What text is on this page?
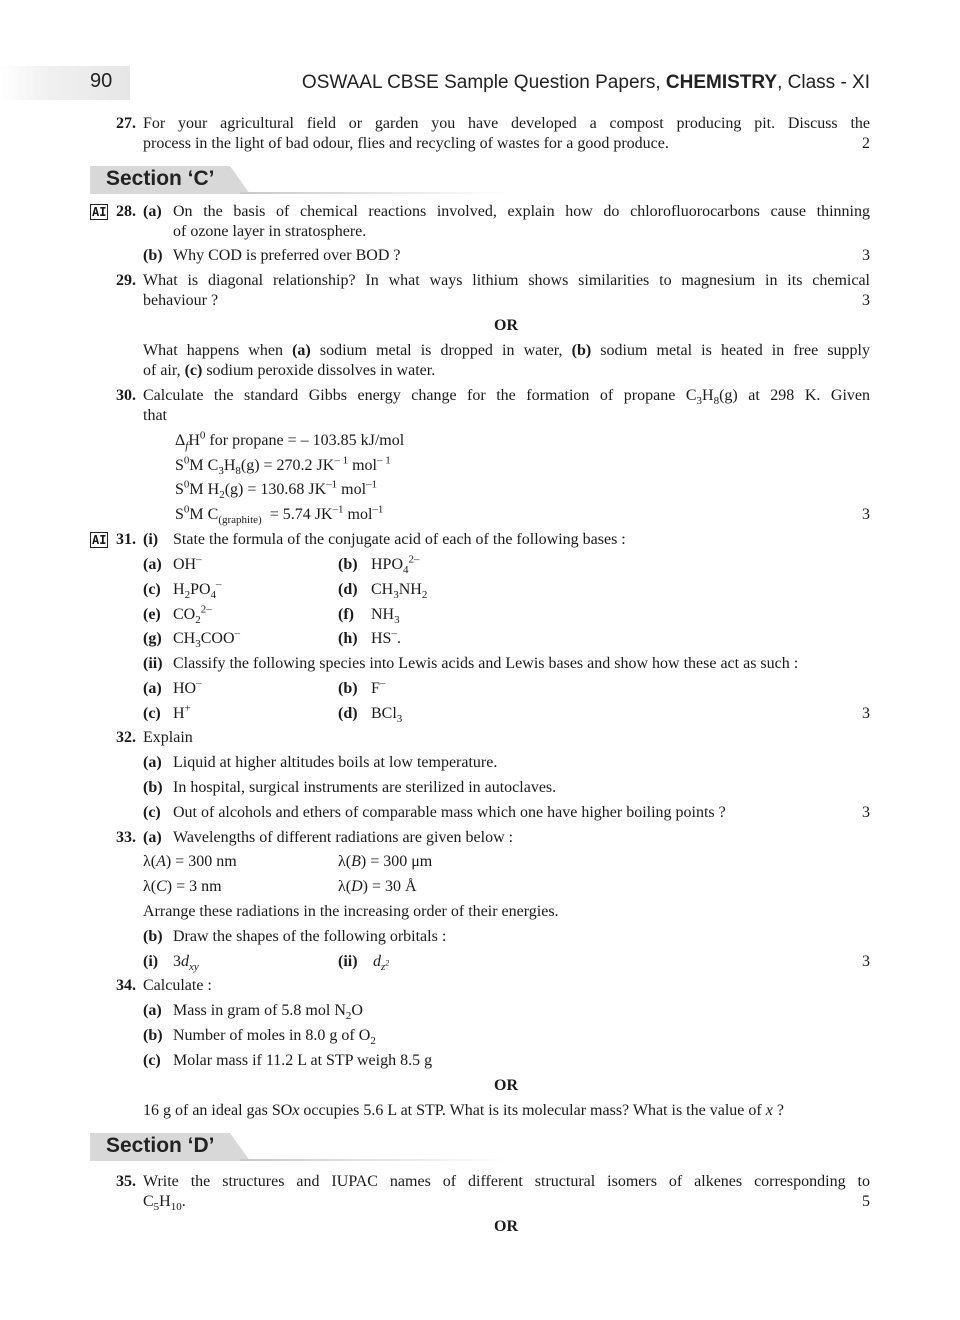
90	OSWAAL CBSE Sample Question Papers, CHEMISTRY, Class - XI
27. For your agricultural field or garden you have developed a compost producing pit. Discuss the
process in the light of bad odour, flies and recycling of wastes for a good produce.	2
Section ‘C’
AI 28. (a) On the basis of chemical reactions involved, explain how do chlorofluorocarbons cause thinning
of ozone layer in stratosphere.
(b) Why COD is preferred over BOD ?	3
29. What is diagonal relationship? In what ways lithium shows similarities to magnesium in its chemical
behaviour ?	3
OR
What happens when (a) sodium metal is dropped in water, (b) sodium metal is heated in free supply
of air, (c) sodium peroxide dissolves in water.
30. Calculate the standard Gibbs energy change for the formation of propane $C_3H_8(g)$ at 298 K. Given
that
$\Delta_fH^0$ for propane = – 103.85 kJ/mol
$S^0M$ $C_3H_8(g) = 270.2$ $JK^{- 1}$ mol$^{- 1}$
$S^0M$ $H_2(g) = 130.68$ $JK^{-1}$ mol$^{-1}$
$S^0M$ $C_{(graphite)} = 5.74$ $JK^{-1}$ mol$^{-1}$	3
AI 31. (i) State the formula of the conjugate acid of each of the following bases :
(a) OH–	(b) $HPO_4^{2-}$
(c) $H_2PO_4^-$	(d) $CH_3NH_2$
(e) $CO_2^{2-}$	(f) $NH_3$
(g) $CH_3COO^-$	(h) HS–.
(ii) Classify the following species into Lewis acids and Lewis bases and show how these act as such :
(a) HO–	(b) F–
(c) H+	(d) BCl$_3$	3
32. Explain
(a) Liquid at higher altitudes boils at low temperature.
(b) In hospital, surgical instruments are sterilized in autoclaves.
(c) Out of alcohols and ethers of comparable mass which one have higher boiling points ?	3
33. (a) Wavelengths of different radiations are given below :
λ(A) = 300 nm	λ(B) = 300 μm
λ(C) = 3 nm	λ(D) = 30 Å
Arrange these radiations in the increasing order of their energies.
(b) Draw the shapes of the following orbitals :
(i) $3d_{xy}$	(ii) $d_{z^2}$	3
34. Calculate :
(a) Mass in gram of 5.8 mol $N_2O$
(b) Number of moles in 8.0 g of $O_2$
(c) Molar mass if 11.2 L at STP weigh 8.5 g
OR
16 g of an ideal gas SOx occupies 5.6 L at STP. What is its molecular mass? What is the value of x ?
Section ‘D’
35. Write the structures and IUPAC names of different structural isomers of alkenes corresponding to
$C_5H_{10}$.	5
OR
